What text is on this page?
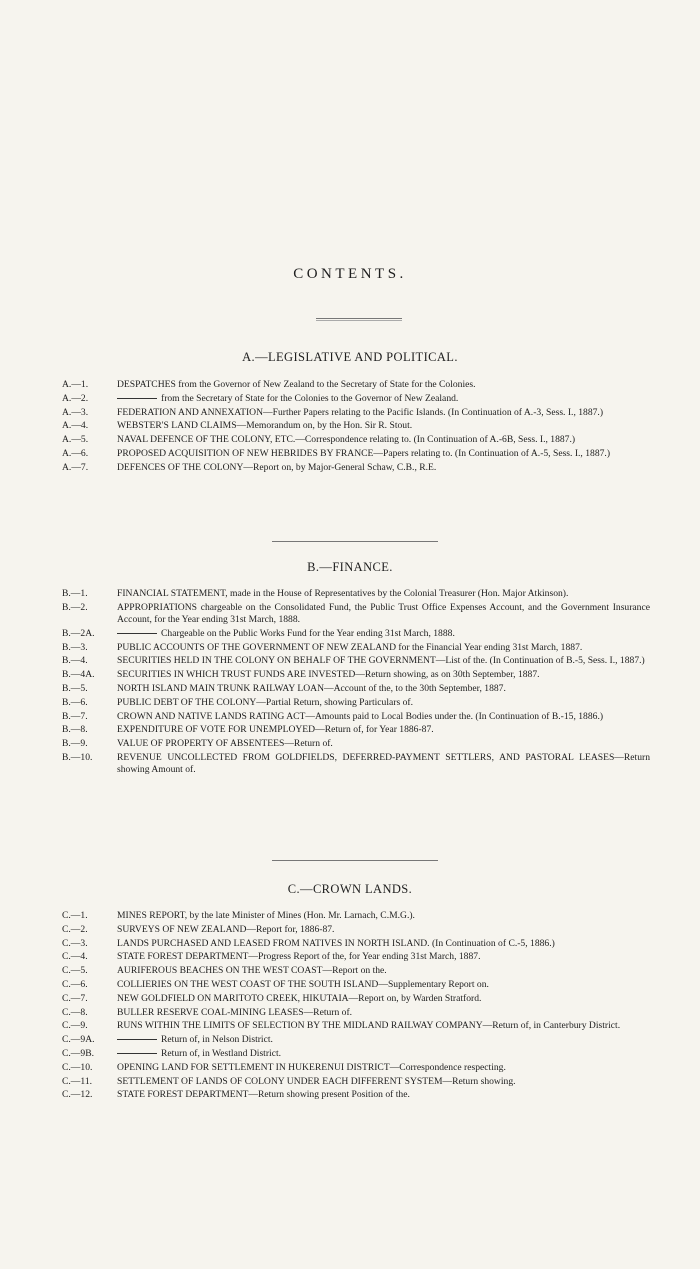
CONTENTS.
A.—LEGISLATIVE AND POLITICAL.
A.—1.	DESPATCHES from the Governor of New Zealand to the Secretary of State for the Colonies.
A.—2.	from the Secretary of State for the Colonies to the Governor of New Zealand.
A.—3.	FEDERATION AND ANNEXATION—Further Papers relating to the Pacific Islands. (In Continuation of A.-3, Sess. I., 1887.)
A.—4.	WEBSTER'S LAND CLAIMS—Memorandum on, by the Hon. Sir R. Stout.
A.—5.	NAVAL DEFENCE OF THE COLONY, ETC.—Correspondence relating to. (In Continuation of A.-6B, Sess. I., 1887.)
A.—6.	PROPOSED ACQUISITION OF NEW HEBRIDES BY FRANCE—Papers relating to. (In Continuation of A.-5, Sess. I., 1887.)
A.—7.	DEFENCES OF THE COLONY—Report on, by Major-General Schaw, C.B., R.E.
B.—FINANCE.
B.—1.	FINANCIAL STATEMENT, made in the House of Representatives by the Colonial Treasurer (Hon. Major Atkinson).
B.—2.	APPROPRIATIONS chargeable on the Consolidated Fund, the Public Trust Office Expenses Account, and the Government Insurance Account, for the Year ending 31st March, 1888.
B.—2A.	Chargeable on the Public Works Fund for the Year ending 31st March, 1888.
B.—3.	PUBLIC ACCOUNTS OF THE GOVERNMENT OF NEW ZEALAND for the Financial Year ending 31st March, 1887.
B.—4.	SECURITIES HELD IN THE COLONY ON BEHALF OF THE GOVERNMENT—List of the. (In Continuation of B.-5, Sess. I., 1887.)
B.—4A.	SECURITIES IN WHICH TRUST FUNDS ARE INVESTED—Return showing, as on 30th September, 1887.
B.—5.	NORTH ISLAND MAIN TRUNK RAILWAY LOAN—Account of the, to the 30th September, 1887.
B.—6.	PUBLIC DEBT OF THE COLONY—Partial Return, showing Particulars of.
B.—7.	CROWN AND NATIVE LANDS RATING ACT—Amounts paid to Local Bodies under the. (In Continuation of B.-15, 1886.)
B.—8.	EXPENDITURE OF VOTE FOR UNEMPLOYED—Return of, for Year 1886-87.
B.—9.	VALUE OF PROPERTY OF ABSENTEES—Return of.
B.—10.	REVENUE UNCOLLECTED FROM GOLDFIELDS, DEFERRED-PAYMENT SETTLERS, AND PASTORAL LEASES—Return showing Amount of.
C.—CROWN LANDS.
C.—1.	MINES REPORT, by the late Minister of Mines (Hon. Mr. Larnach, C.M.G.).
C.—2.	SURVEYS OF NEW ZEALAND—Report for, 1886-87.
C.—3.	LANDS PURCHASED AND LEASED FROM NATIVES IN NORTH ISLAND. (In Continuation of C.-5, 1886.)
C.—4.	STATE FOREST DEPARTMENT—Progress Report of the, for Year ending 31st March, 1887.
C.—5.	AURIFEROUS BEACHES ON THE WEST COAST—Report on the.
C.—6.	COLLIERIES ON THE WEST COAST OF THE SOUTH ISLAND—Supplementary Report on.
C.—7.	NEW GOLDFIELD ON MARITOTO CREEK, HIKUTAIA—Report on, by Warden Stratford.
C.—8.	BULLER RESERVE COAL-MINING LEASES—Return of.
C.—9.	RUNS WITHIN THE LIMITS OF SELECTION BY THE MIDLAND RAILWAY COMPANY—Return of, in Canterbury District.
C.—9A.	Return of, in Nelson District.
C.—9B.	Return of, in Westland District.
C.—10.	OPENING LAND FOR SETTLEMENT IN HUKERENUI DISTRICT—Correspondence respecting.
C.—11.	SETTLEMENT OF LANDS OF COLONY UNDER EACH DIFFERENT SYSTEM—Return showing.
C.—12.	STATE FOREST DEPARTMENT—Return showing present Position of the.
